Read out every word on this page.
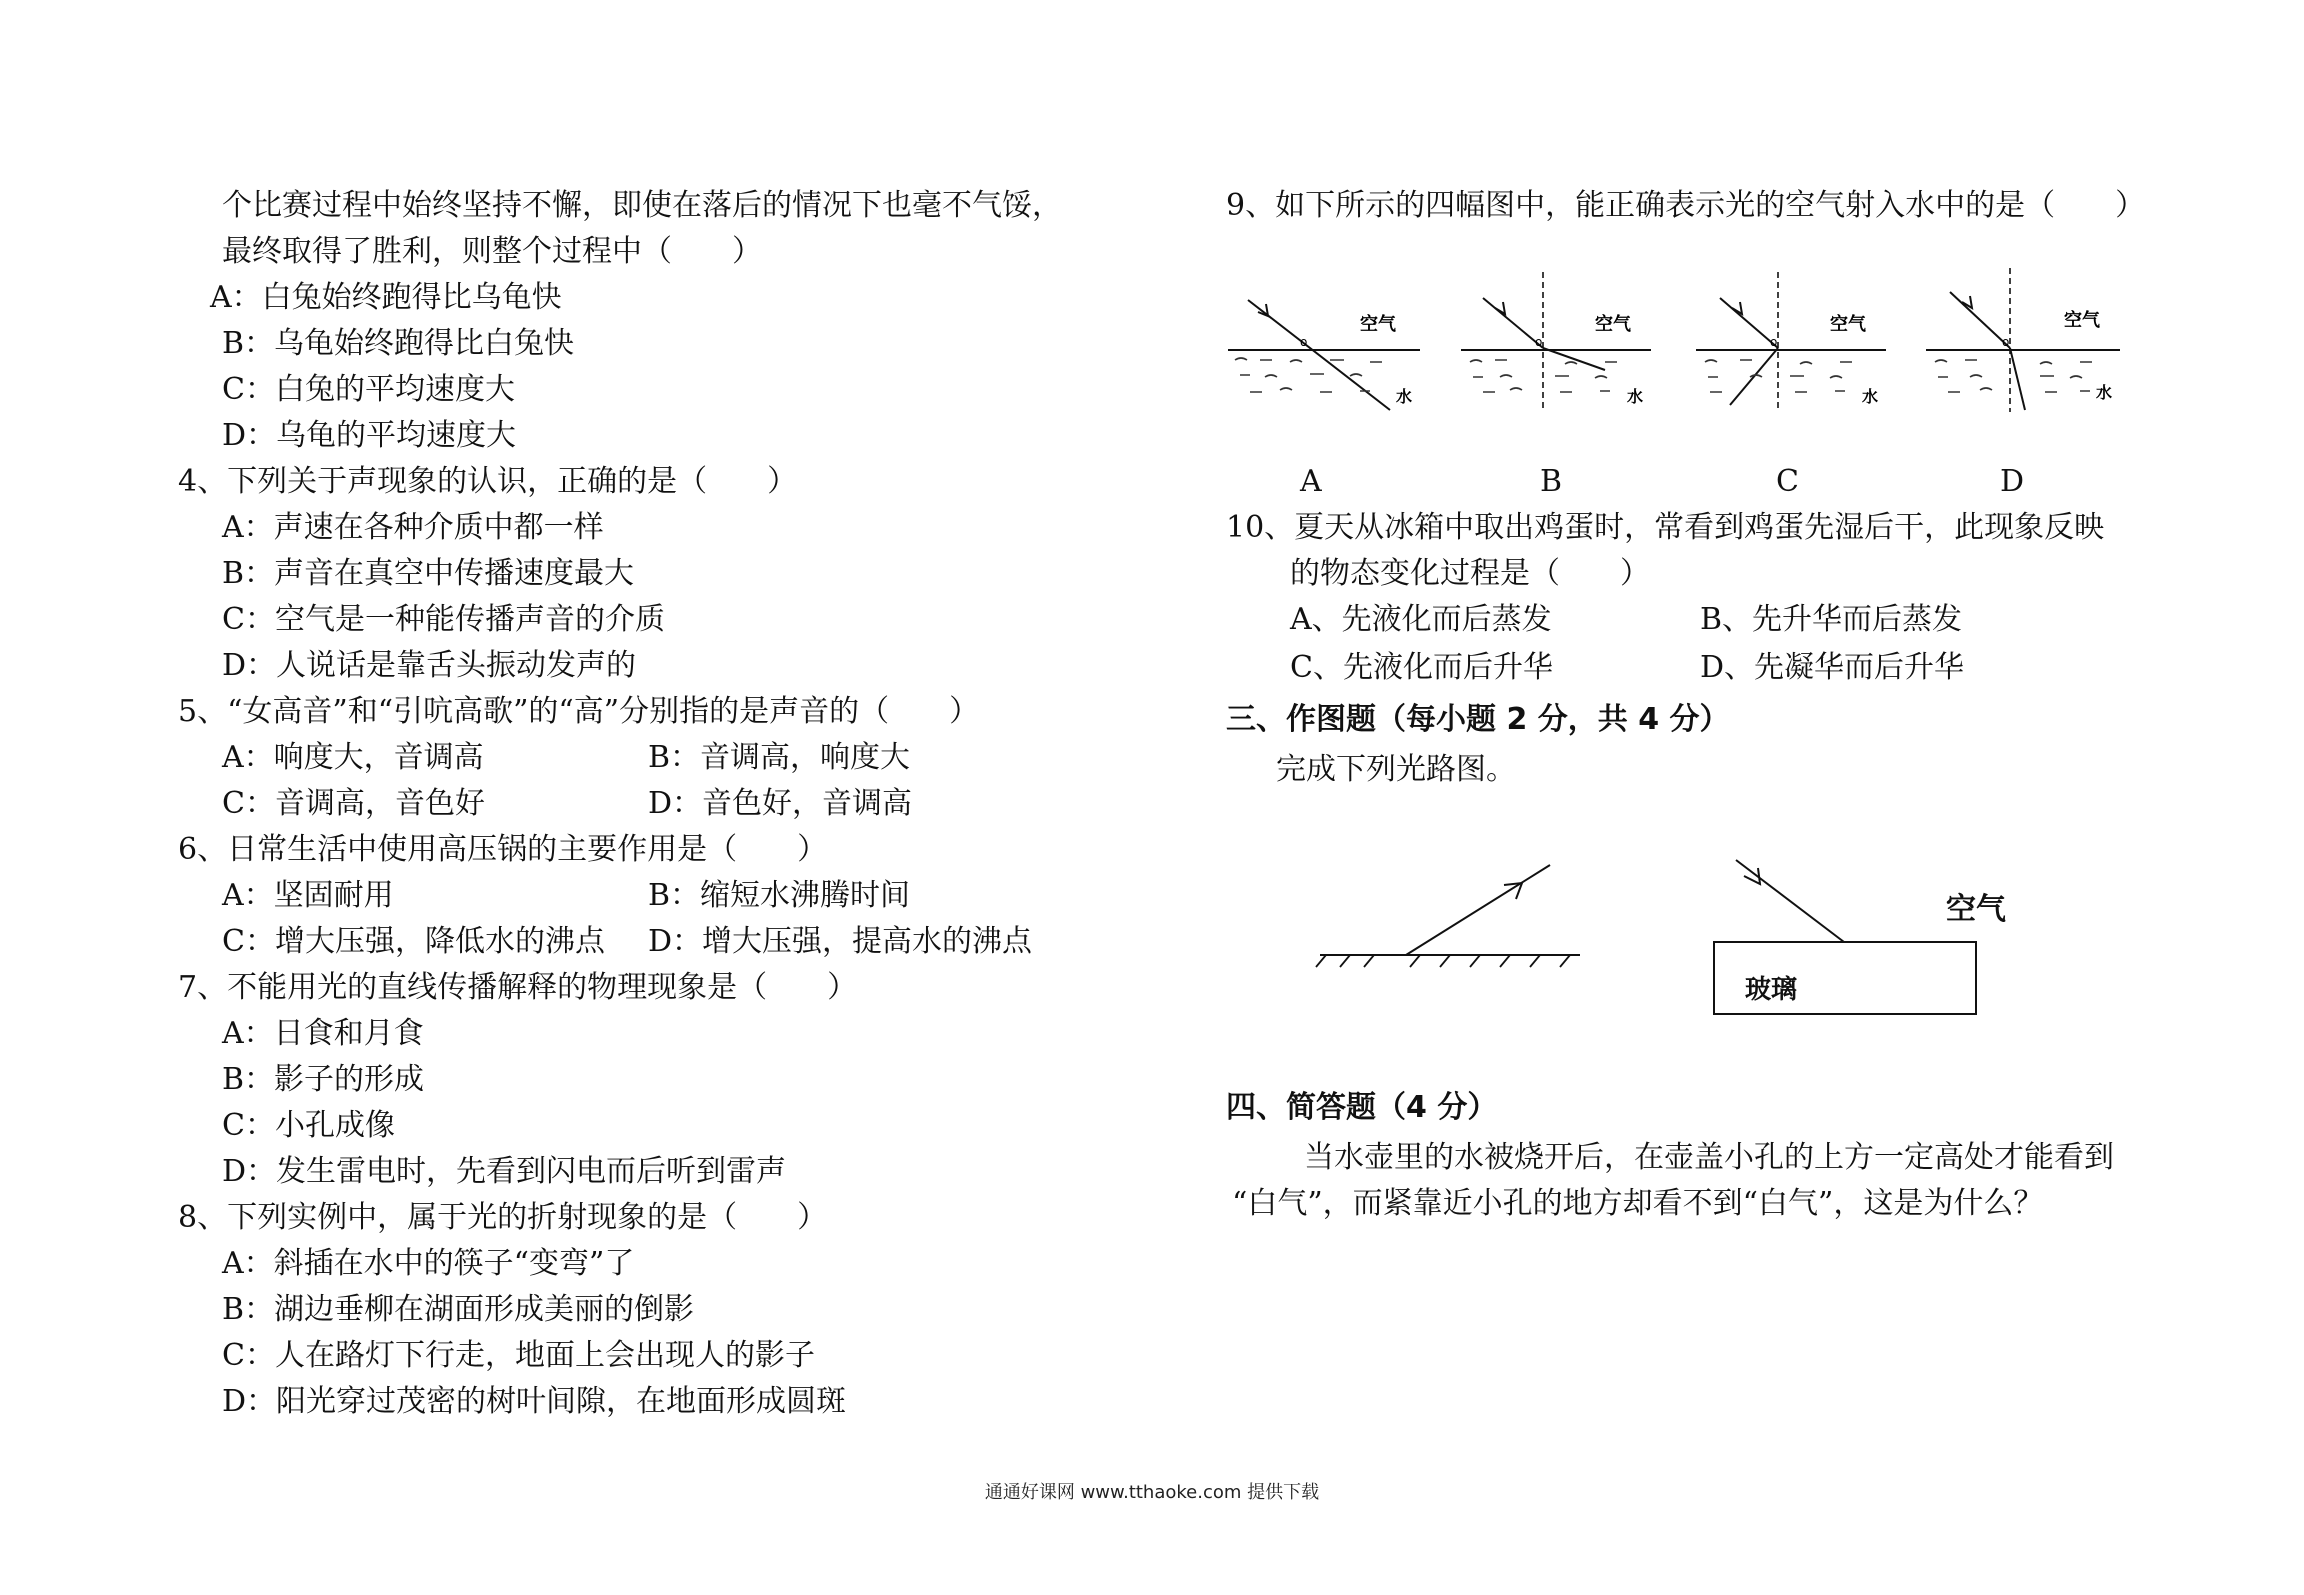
个比赛过程中始终坚持不懈，即使在落后的情况下也毫不气馁，
最终取得了胜利，则整个过程中（　　）
A：白兔始终跑得比乌龟快
B：乌龟始终跑得比白兔快
C：白兔的平均速度大
D：乌龟的平均速度大
4、下列关于声现象的认识，正确的是（　　）
A：声速在各种介质中都一样
B：声音在真空中传播速度最大
C：空气是一种能传播声音的介质
D：人说话是靠舌头振动发声的
5、“女高音”和“引吭高歌”的“高”分别指的是声音的（　　）
A：响度大，音调高	B：音调高，响度大
C：音调高，音色好	D：音色好，音调高
6、日常生活中使用高压锅的主要作用是（　　）
A：坚固耐用	B：缩短水沸腾时间
C：增大压强，降低水的沸点 D：增大压强，提高水的沸点
7、不能用光的直线传播解释的物理现象是（　　）
A：日食和月食
B：影子的形成
C：小孔成像
D：发生雷电时，先看到闪电而后听到雷声
8、下列实例中，属于光的折射现象的是（　　）
A：斜插在水中的筷子“变弯”了
B：湖边垂柳在湖面形成美丽的倒影
C：人在路灯下行走，地面上会出现人的影子
D：阳光穿过茂密的树叶间隙，在地面形成圆斑
9、如下所示的四幅图中，能正确表示光的空气射入水中的是（　　）
o
空气
水
o
空气
水
o
空气
水
o
空气
水
A	B	C	D
10、夏天从冰箱中取出鸡蛋时，常看到鸡蛋先湿后干，此现象反映
的物态变化过程是（　　）
A、先液化而后蒸发	B、先升华而后蒸发
C、先液化而后升华	D、先凝华而后升华
三、作图题（每小题 2 分，共 4 分）
完成下列光路图。
空气
玻璃
四、简答题（4 分）
当水壶里的水被烧开后，在壶盖小孔的上方一定高处才能看到
“白气”，而紧靠近小孔的地方却看不到“白气”，这是为什么？
通通好课网 www.tthaoke.com 提供下载
